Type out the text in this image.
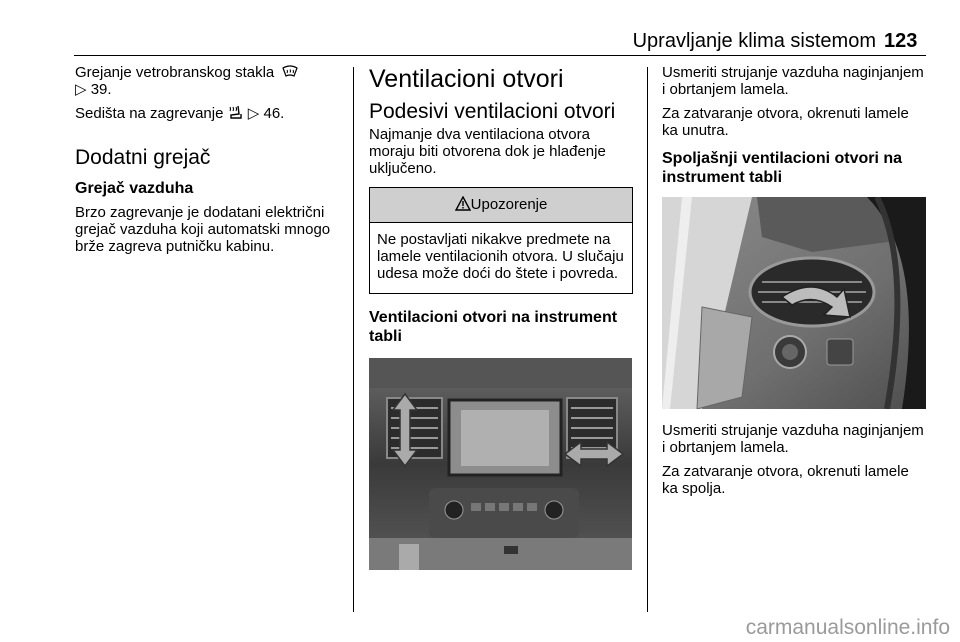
Upravljanje klima sistemom 123

Grejanje vetrobranskog stakla
▷ 39.

Sedišta na zagrevanje ▷ 46.

Dodatni grejač
Grejač vazduha

Brzo zagrevanje je dodatani električni grejač vazduha koji automatski mnogo brže zagreva putničku kabinu.

Ventilacioni otvori
Podesivi ventilacioni otvori

Najmanje dva ventilaciona otvora moraju biti otvorena dok je hlađenje uključeno.

Upozorenje
Ne postavljati nikakve predmete na lamele ventilacionih otvora. U slučaju udesa može doći do štete i povreda.
Ventilacioni otvori na instrument tabli

Usmeriti strujanje vazduha naginjanjem i obrtanjem lamela.

Za zatvaranje otvora, okrenuti lamele ka unutra.

Spoljašnji ventilacioni otvori na instrument tabli

Usmeriti strujanje vazduha naginjanjem i obrtanjem lamela.

Za zatvaranje otvora, okrenuti lamele ka spolja.

carmanualsonline.info
